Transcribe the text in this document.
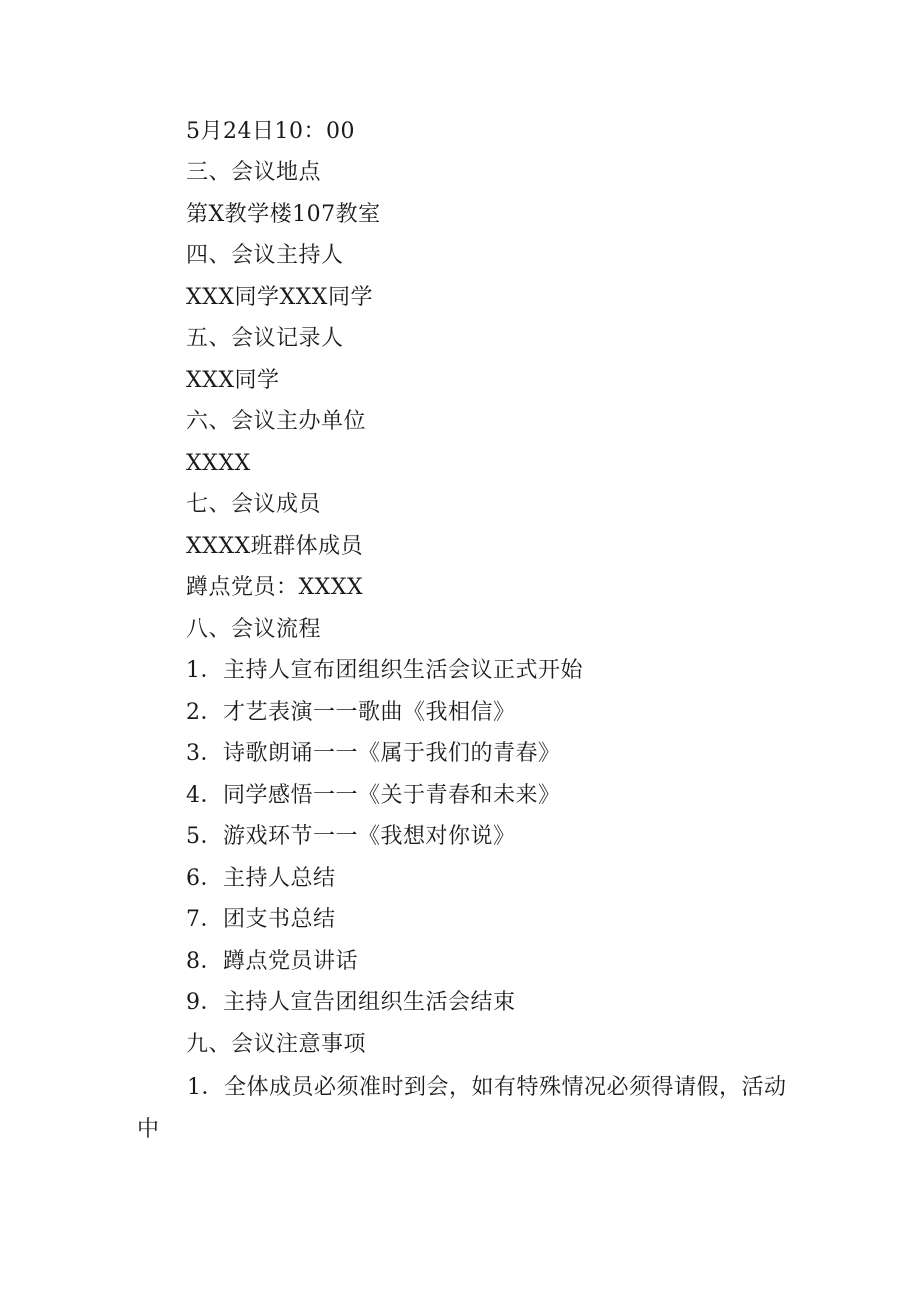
5月24日10：00
三、会议地点
第X教学楼107教室
四、会议主持人
XXX同学XXX同学
五、会议记录人
XXX同学
六、会议主办单位
XXXX
七、会议成员
XXXX班群体成员
蹲点党员：XXXX
八、会议流程
1．主持人宣布团组织生活会议正式开始
2．才艺表演一一歌曲《我相信》
3．诗歌朗诵一一《属于我们的青春》
4．同学感悟一一《关于青春和未来》
5．游戏环节一一《我想对你说》
6．主持人总结
7．团支书总结
8．蹲点党员讲话
9．主持人宣告团组织生活会结束
九、会议注意事项
1．全体成员必须准时到会，如有特殊情况必须得请假，活动中
